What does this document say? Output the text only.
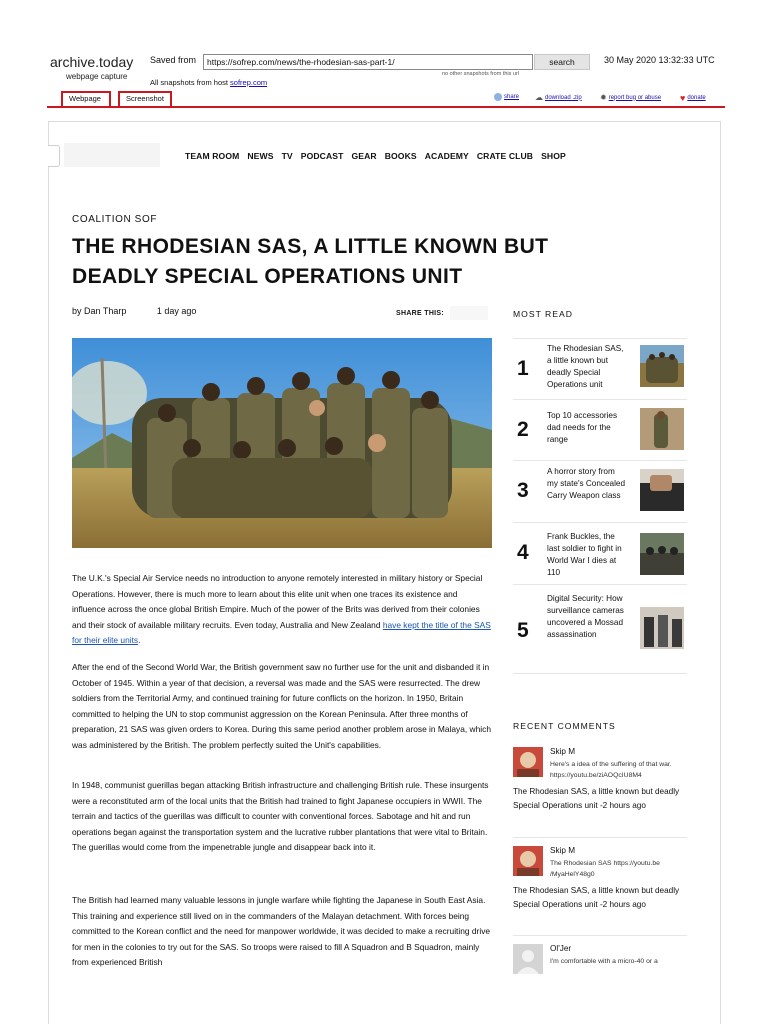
archive.today
webpage capture
Saved from	https://sofrep.com/news/the-rhodesian-sas-part-1/	search	30 May 2020 13:32:33 UTC
no other snapshots from this url
All snapshots from host sofrep.com
Webpage	Screenshot	share ☁ download .zip ✹ report bug or abuse ♥ donate
TEAM ROOM NEWS TV PODCAST GEAR BOOKS ACADEMY CRATE CLUB SHOP
COALITION SOF
THE RHODESIAN SAS, A LITTLE KNOWN BUT DEADLY SPECIAL OPERATIONS UNIT
by Dan Tharp	1 day ago	SHARE THIS:
The U.K.'s Special Air Service needs no introduction to anyone remotely interested in military history or Special Operations. However, there is much more to learn about this elite unit when one traces its existence and influence across the once global British Empire. Much of the power of the Brits was derived from their colonies and their stock of available military recruits. Even today, Australia and New Zealand have kept the title of the SAS for their elite units.
After the end of the Second World War, the British government saw no further use for the unit and disbanded it in October of 1945. Within a year of that decision, a reversal was made and the SAS were resurrected. The drew soldiers from the Territorial Army, and continued training for future conflicts on the horizon. In 1950, Britain committed to helping the UN to stop communist aggression on the Korean Peninsula. After three months of preparation, 21 SAS was given orders to Korea. During this same period another problem arose in Malaya, which was administered by the British. The problem perfectly suited the Unit's capabilities.
In 1948, communist guerillas began attacking British infrastructure and challenging British rule. These insurgents were a reconstituted arm of the local units that the British had trained to fight Japanese occupiers in WWII. The terrain and tactics of the guerillas was difficult to counter with conventional forces. Sabotage and hit and run operations began against the transportation system and the lucrative rubber plantations that were vital to Britain. The guerillas would come from the impenetrable jungle and disappear back into it.
The British had learned many valuable lessons in jungle warfare while fighting the Japanese in South East Asia. This training and experience still lived on in the commanders of the Malayan detachment. With forces being committed to the Korean conflict and the need for manpower worldwide, it was decided to make a recruiting drive for men in the colonies to try out for the SAS. So troops were raised to fill A Squadron and B Squadron, mainly from experienced British
MOST READ
1
The Rhodesian SAS, a little known but deadly Special Operations unit
2
Top 10 accessories dad needs for the range
3
A horror story from my state's Concealed Carry Weapon class
4
Frank Buckles, the last soldier to fight in World War I dies at 110
5
Digital Security: How surveillance cameras uncovered a Mossad assassination
RECENT COMMENTS
Skip M
Here's a idea of the suffering of that war. https://youtu.be/ziAOQcIU8M4
The Rhodesian SAS, a little known but deadly Special Operations unit -2 hours ago
Skip M
The Rhodesian SAS https://youtu.be /MyaHelY48g0
The Rhodesian SAS, a little known but deadly Special Operations unit -2 hours ago
Ol'Jer
I'm comfortable with a micro-40 or a
